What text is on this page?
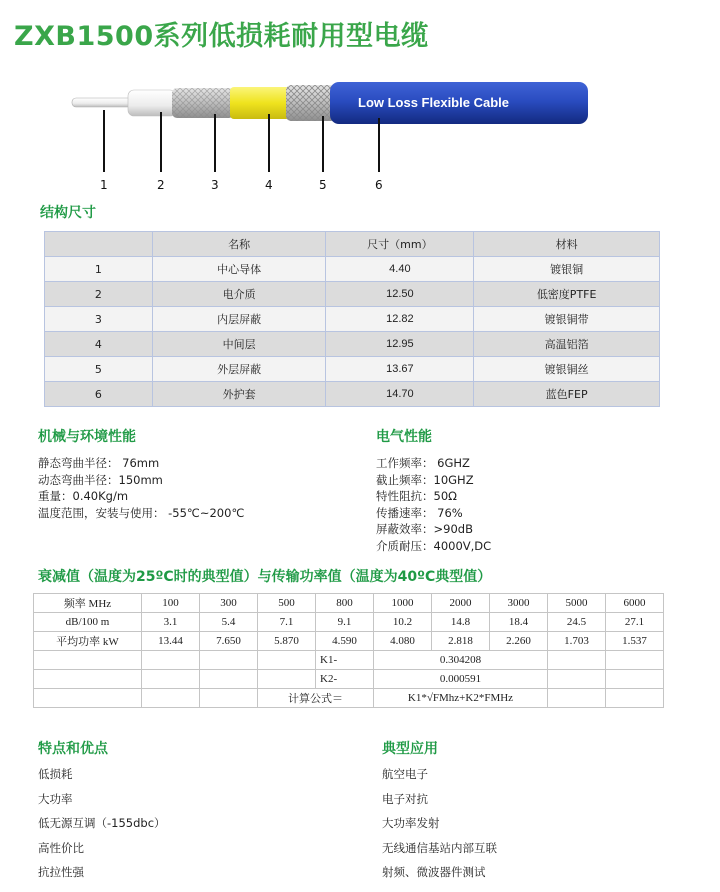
ZXB1500系列低损耗耐用型电缆
Low Loss Flexible Cable
1	2	3	4	5	6
结构尺寸
	名称	尺寸（mm）	材料
1	中心导体	4.40	镀银铜
2	电介质	12.50	低密度PTFE
3	内层屏蔽	12.82	镀银铜带
4	中间层	12.95	高温铝箔
5	外层屏蔽	13.67	镀银铜丝
6	外护套	14.70	蓝色FEP
机械与环境性能
静态弯曲半径： 76mm
动态弯曲半径：150mm
重量：0.40Kg/m
温度范围，安装与使用： -55℃~200℃
电气性能
工作频率： 6GHZ
截止频率：10GHZ
特性阻抗：50Ω
传播速率： 76%
屏蔽效率：>90dB
介质耐压：4000V,DC
衰减值（温度为25ºC时的典型值）与传输功率值（温度为40ºC典型值）
频率 MHz	100	300	500	800	1000	2000	3000	5000	6000
dB/100 m	3.1	5.4	7.1	9.1	10.2	14.8	18.4	24.5	27.1
平均功率 kW	13.44	7.650	5.870	4.590	4.080	2.818	2.260	1.703	1.537
				K1-	0.304208				
				K2-	0.000591				
			计算公式＝		K1*√FMhz+K2*FMHz				
特点和优点
低损耗
大功率
低无源互调（-155dbc）
高性价比
抗拉性强
典型应用
航空电子
电子对抗
大功率发射
无线通信基站内部互联
射频、微波器件测试
